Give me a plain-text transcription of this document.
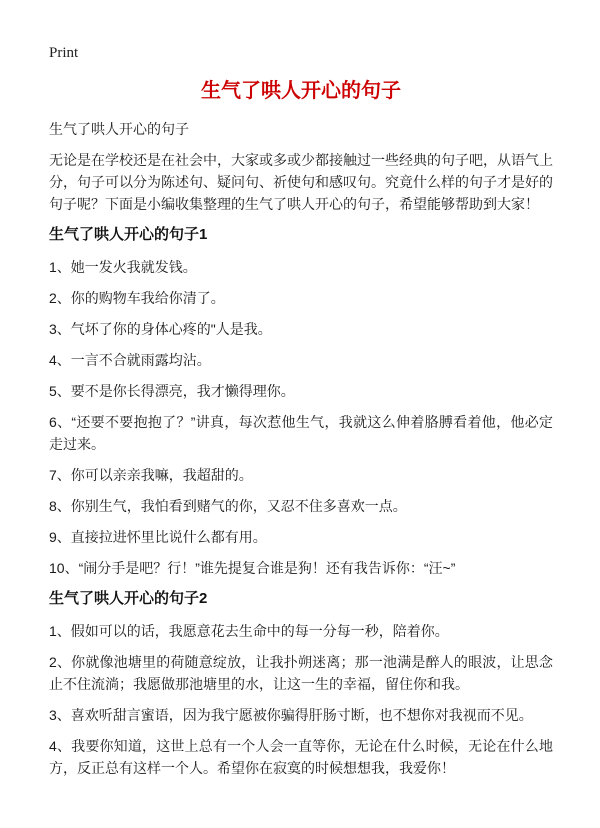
Print
生气了哄人开心的句子

生气了哄人开心的句子

无论是在学校还是在社会中，大家或多或少都接触过一些经典的句子吧，从语气上分，句子可以分为陈述句、疑问句、祈使句和感叹句。究竟什么样的句子才是好的句子呢？下面是小编收集整理的生气了哄人开心的句子，希望能够帮助到大家！

生气了哄人开心的句子1

1、她一发火我就发钱。

2、你的购物车我给你清了。

3、气坏了你的身体心疼的"人是我。

4、一言不合就雨露均沾。

5、要不是你长得漂亮，我才懒得理你。

6、“还要不要抱抱了？”讲真，每次惹他生气，我就这么伸着胳膊看着他，他必定走过来。

7、你可以亲亲我嘛，我超甜的。

8、你别生气，我怕看到赌气的你，又忍不住多喜欢一点。

9、直接拉进怀里比说什么都有用。

10、“闹分手是吧？行！”谁先提复合谁是狗！还有我告诉你：“汪~”

生气了哄人开心的句子2

1、假如可以的话，我愿意花去生命中的每一分每一秒，陪着你。

2、你就像池塘里的荷随意绽放，让我扑朔迷离；那一池满是醉人的眼波，让思念止不住流淌；我愿做那池塘里的水，让这一生的幸福，留住你和我。

3、喜欢听甜言蜜语，因为我宁愿被你骗得肝肠寸断，也不想你对我视而不见。

4、我要你知道，这世上总有一个人会一直等你，无论在什么时候，无论在什么地方，反正总有这样一个人。希望你在寂寞的时候想想我，我爱你！
